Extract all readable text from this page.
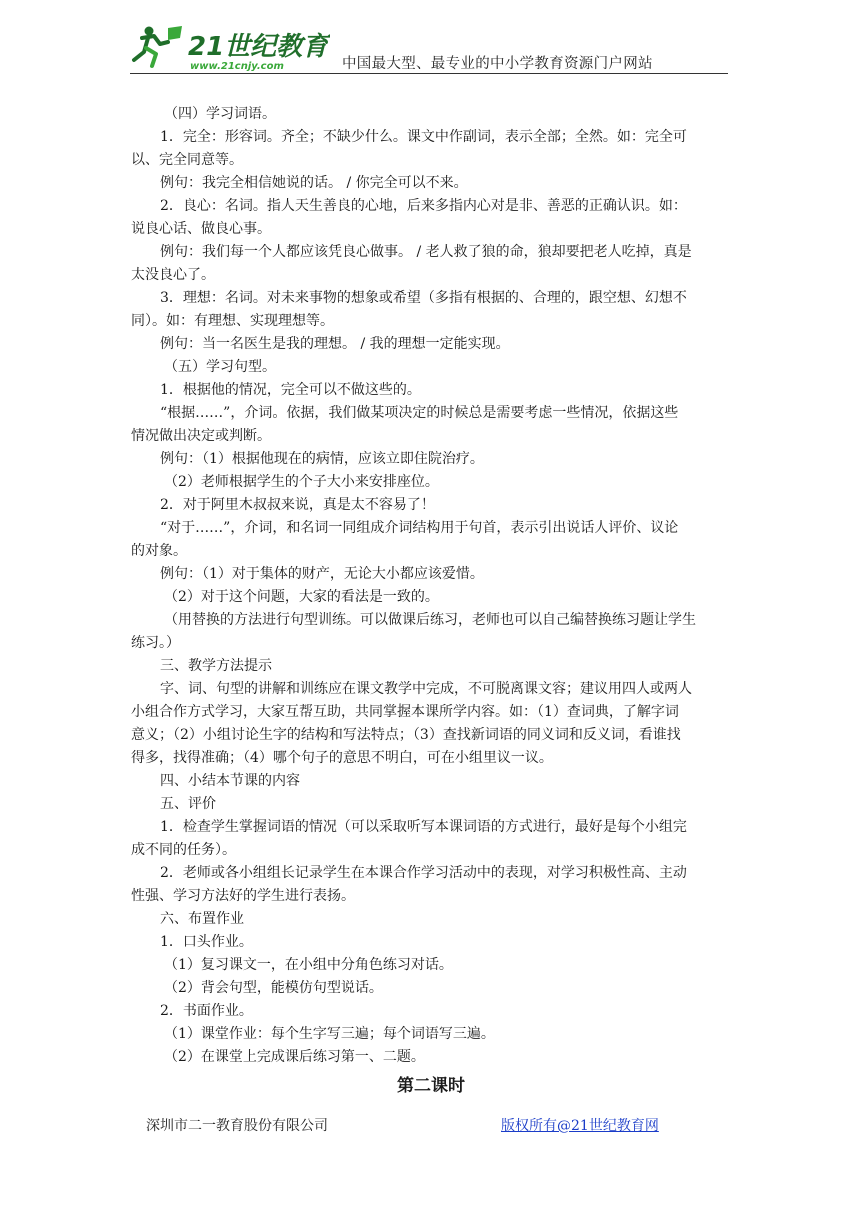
21世纪教育
www.21cnjy.com	中国最大型、最专业的中小学教育资源门户网站

（四）学习词语。

1．完全：形容词。齐全；不缺少什么。课文中作副词，表示全部；全然。如：完全可

以、完全同意等。

例句：我完全相信她说的话。 / 你完全可以不来。

2．良心：名词。指人天生善良的心地，后来多指内心对是非、善恶的正确认识。如：

说良心话、做良心事。

例句：我们每一个人都应该凭良心做事。 / 老人救了狼的命，狼却要把老人吃掉，真是

太没良心了。

3．理想：名词。对未来事物的想象或希望（多指有根据的、合理的，跟空想、幻想不

同）。如：有理想、实现理想等。

例句：当一名医生是我的理想。 / 我的理想一定能实现。

（五）学习句型。

1．根据他的情况，完全可以不做这些的。

“根据……”，介词。依据，我们做某项决定的时候总是需要考虑一些情况，依据这些

情况做出决定或判断。

例句：（1）根据他现在的病情，应该立即住院治疗。

（2）老师根据学生的个子大小来安排座位。

2．对于阿里木叔叔来说，真是太不容易了！

“对于……”，介词，和名词一同组成介词结构用于句首，表示引出说话人评价、议论

的对象。

例句：（1）对于集体的财产，无论大小都应该爱惜。

（2）对于这个问题，大家的看法是一致的。

（用替换的方法进行句型训练。可以做课后练习，老师也可以自己编替换练习题让学生

练习。）

三、教学方法提示

字、词、句型的讲解和训练应在课文教学中完成，不可脱离课文容；建议用四人或两人

小组合作方式学习，大家互帮互助，共同掌握本课所学内容。如：（1）查词典，了解字词

意义；（2）小组讨论生字的结构和写法特点；（3）查找新词语的同义词和反义词，看谁找

得多，找得准确；（4）哪个句子的意思不明白，可在小组里议一议。

四、小结本节课的内容

五、评价

1．检查学生掌握词语的情况（可以采取听写本课词语的方式进行，最好是每个小组完

成不同的任务）。

2．老师或各小组组长记录学生在本课合作学习活动中的表现，对学习积极性高、主动

性强、学习方法好的学生进行表扬。

六、布置作业

1．口头作业。

（1）复习课文一，在小组中分角色练习对话。

（2）背会句型，能模仿句型说话。

2．书面作业。

（1）课堂作业：每个生字写三遍；每个词语写三遍。

（2）在课堂上完成课后练习第一、二题。

第二课时
深圳市二一教育股份有限公司	版权所有@21世纪教育网
